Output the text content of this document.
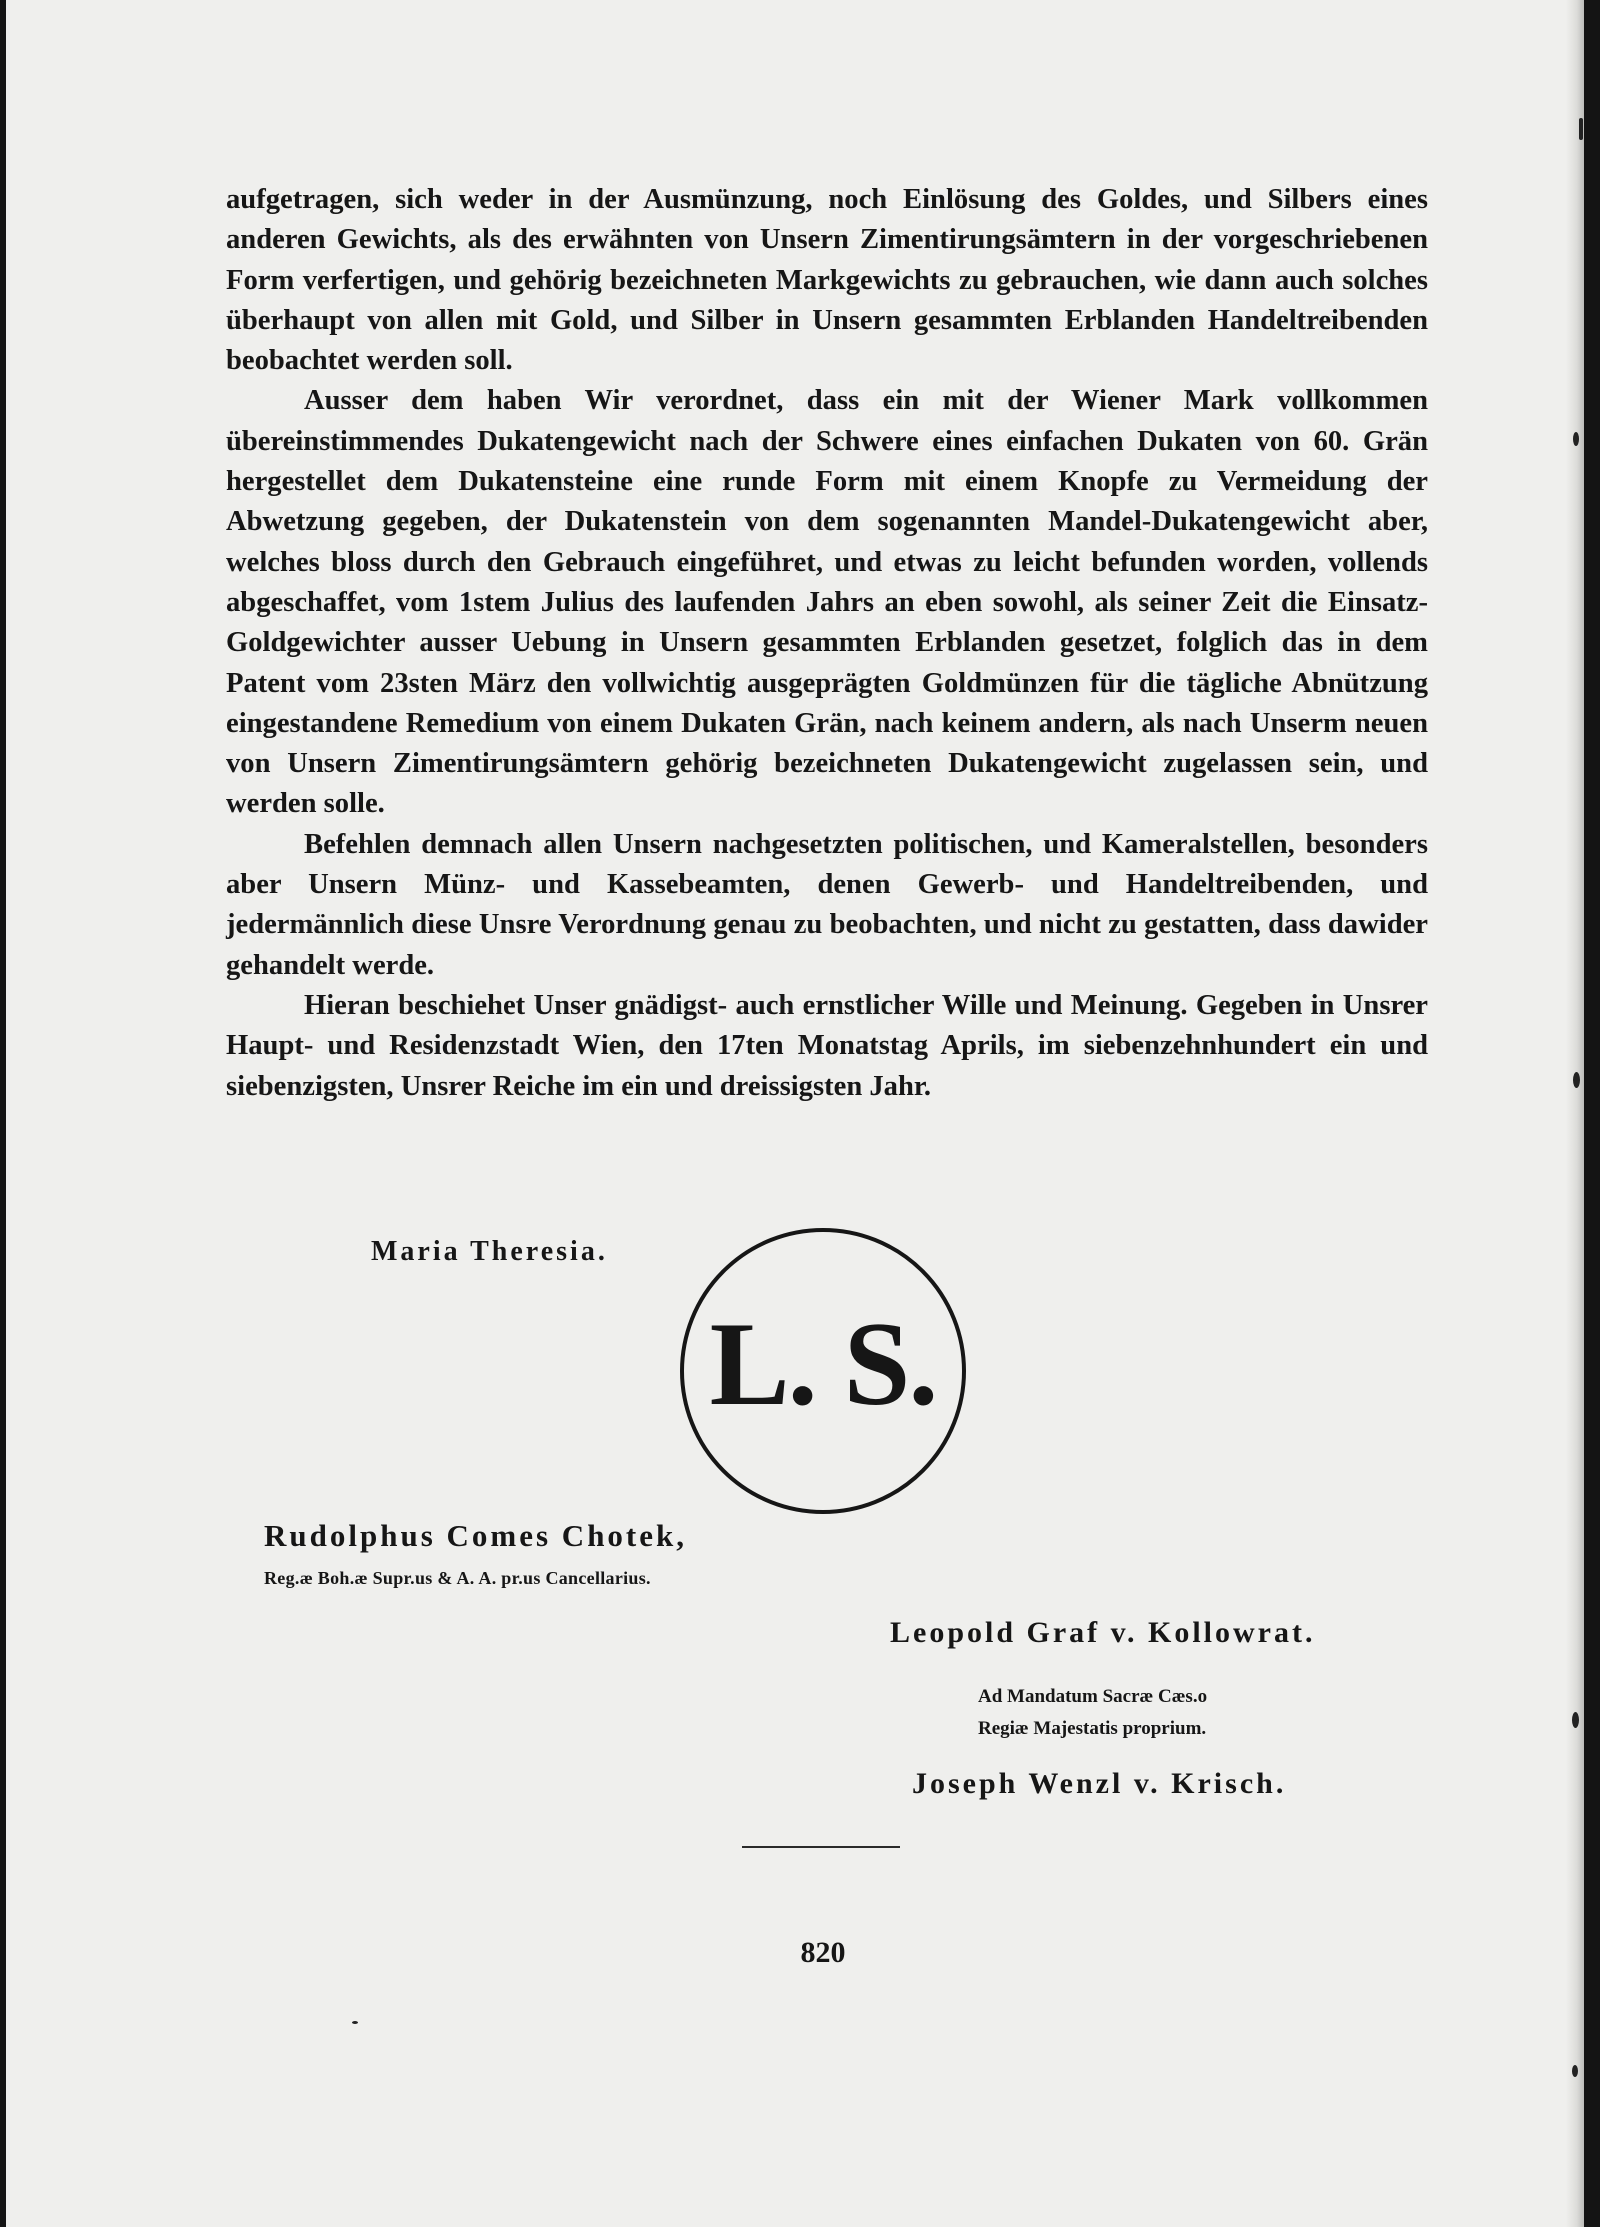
aufgetragen, sich weder in der Ausmünzung, noch Einlösung des Goldes, und Silbers eines anderen Gewichts, als des erwähnten von Unsern Zimentirungsämtern in der vorgeschriebenen Form verfertigen, und gehörig bezeichneten Markgewichts zu gebrauchen, wie dann auch solches überhaupt von allen mit Gold, und Silber in Unsern gesammten Erblanden Handeltreibenden beobachtet werden soll.

Ausser dem haben Wir verordnet, dass ein mit der Wiener Mark vollkommen übereinstimmendes Dukatengewicht nach der Schwere eines einfachen Dukaten von 60. Grän hergestellet dem Dukatensteine eine runde Form mit einem Knopfe zu Vermeidung der Abwetzung gegeben, der Dukatenstein von dem sogenannten Mandel-Dukatengewicht aber, welches bloss durch den Gebrauch eingeführet, und etwas zu leicht befunden worden, vollends abgeschaffet, vom 1stem Julius des laufenden Jahrs an eben sowohl, als seiner Zeit die Einsatz-Goldgewichter ausser Uebung in Unsern gesammten Erblanden gesetzet, folglich das in dem Patent vom 23sten März den vollwichtig ausgeprägten Goldmünzen für die tägliche Abnützung eingestandene Remedium von einem Dukaten Grän, nach keinem andern, als nach Unserm neuen von Unsern Zimentirungsämtern gehörig bezeichneten Dukatengewicht zugelassen sein, und werden solle.

Befehlen demnach allen Unsern nachgesetzten politischen, und Kameralstellen, besonders aber Unsern Münz- und Kassebeamten, denen Gewerb- und Handeltreibenden, und jedermännlich diese Unsre Verordnung genau zu beobachten, und nicht zu gestatten, dass dawider gehandelt werde.

Hieran beschiehet Unser gnädigst- auch ernstlicher Wille und Meinung. Gegeben in Unsrer Haupt- und Residenzstadt Wien, den 17ten Monatstag Aprils, im siebenzehnhundert ein und siebenzigsten, Unsrer Reiche im ein und dreissigsten Jahr.

Maria Theresia.

L. S.

Rudolphus Comes Chotek,

Reg.æ Boh.æ Supr.us & A. A. pr.us Cancellarius.

Leopold Graf v. Kollowrat.

Ad Mandatum Sacræ Cæs.o

Regiæ Majestatis proprium.

Joseph Wenzl v. Krisch.

820
